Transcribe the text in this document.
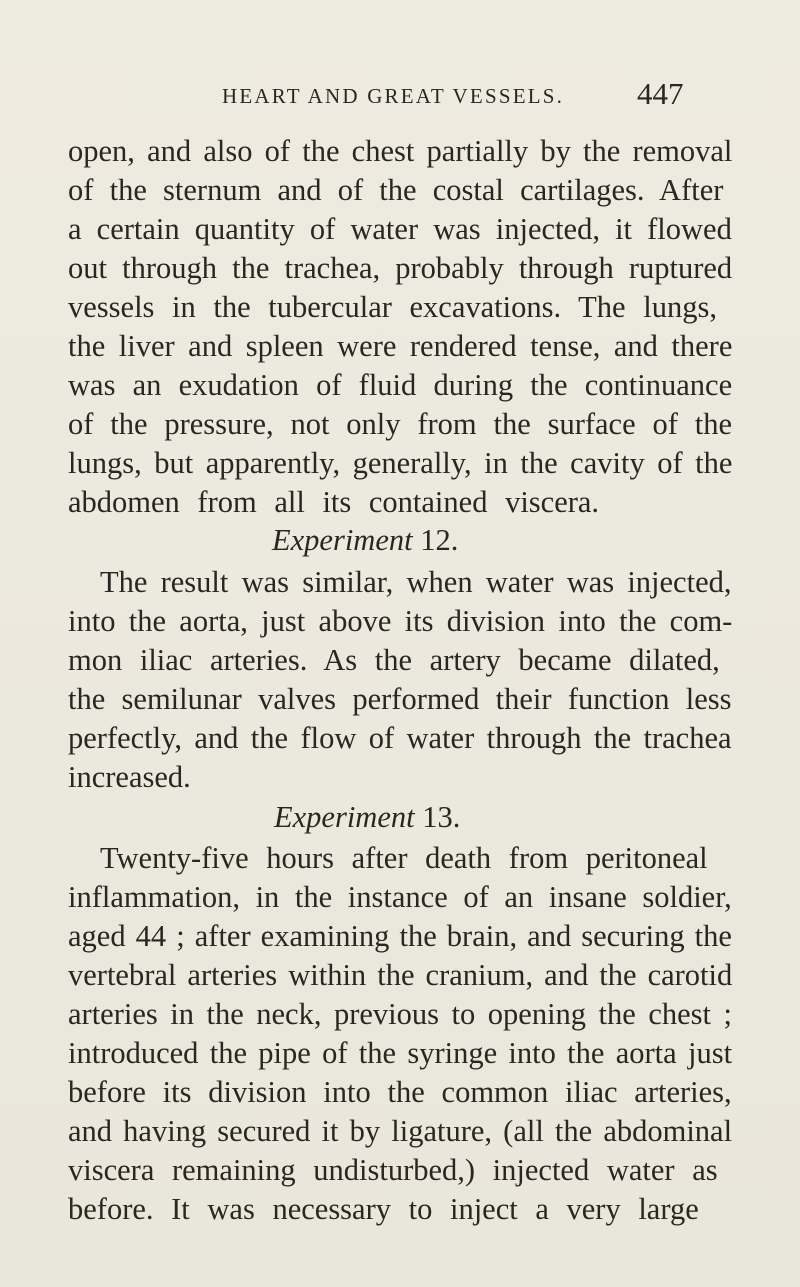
HEART AND GREAT VESSELS. 447
open, and also of the chest partially by the removal
of the sternum and of the costal cartilages. After
a certain quantity of water was injected, it flowed
out through the trachea, probably through ruptured
vessels in the tubercular excavations. The lungs,
the liver and spleen were rendered tense, and there
was an exudation of fluid during the continuance
of the pressure, not only from the surface of the
lungs, but apparently, generally, in the cavity of the
abdomen from all its contained viscera.
Experiment 12.
The result was similar, when water was injected,
into the aorta, just above its division into the com-
mon iliac arteries. As the artery became dilated,
the semilunar valves performed their function less
perfectly, and the flow of water through the trachea
increased.
Experiment 13.
Twenty-five hours after death from peritoneal
inflammation, in the instance of an insane soldier,
aged 44 ; after examining the brain, and securing the
vertebral arteries within the cranium, and the carotid
arteries in the neck, previous to opening the chest ;
introduced the pipe of the syringe into the aorta just
before its division into the common iliac arteries,
and having secured it by ligature, (all the abdominal
viscera remaining undisturbed,) injected water as
before. It was necessary to inject a very large
